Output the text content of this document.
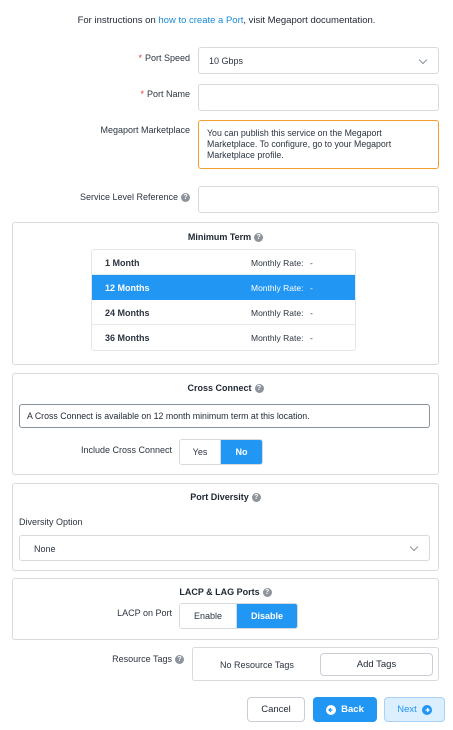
For instructions on how to create a Port, visit Megaport documentation.
* Port Speed 10 Gbps
* Port Name
Megaport Marketplace	You can publish this service on the Megaport Marketplace. To configure, go to your Megaport Marketplace profile.
Service Level Reference ?
Minimum Term ?
1 Month	Monthly Rate: -
12 Months	Monthly Rate: -
24 Months	Monthly Rate: -
36 Months	Monthly Rate: -
Cross Connect ?
A Cross Connect is available on 12 month minimum term at this location.
Include Cross Connect	Yes	No
Port Diversity ?
Diversity Option
None
LACP & LAG Ports ?
LACP on Port	Enable	Disable
Resource Tags ?
No Resource Tags	Add Tags
Cancel	Back	Next
